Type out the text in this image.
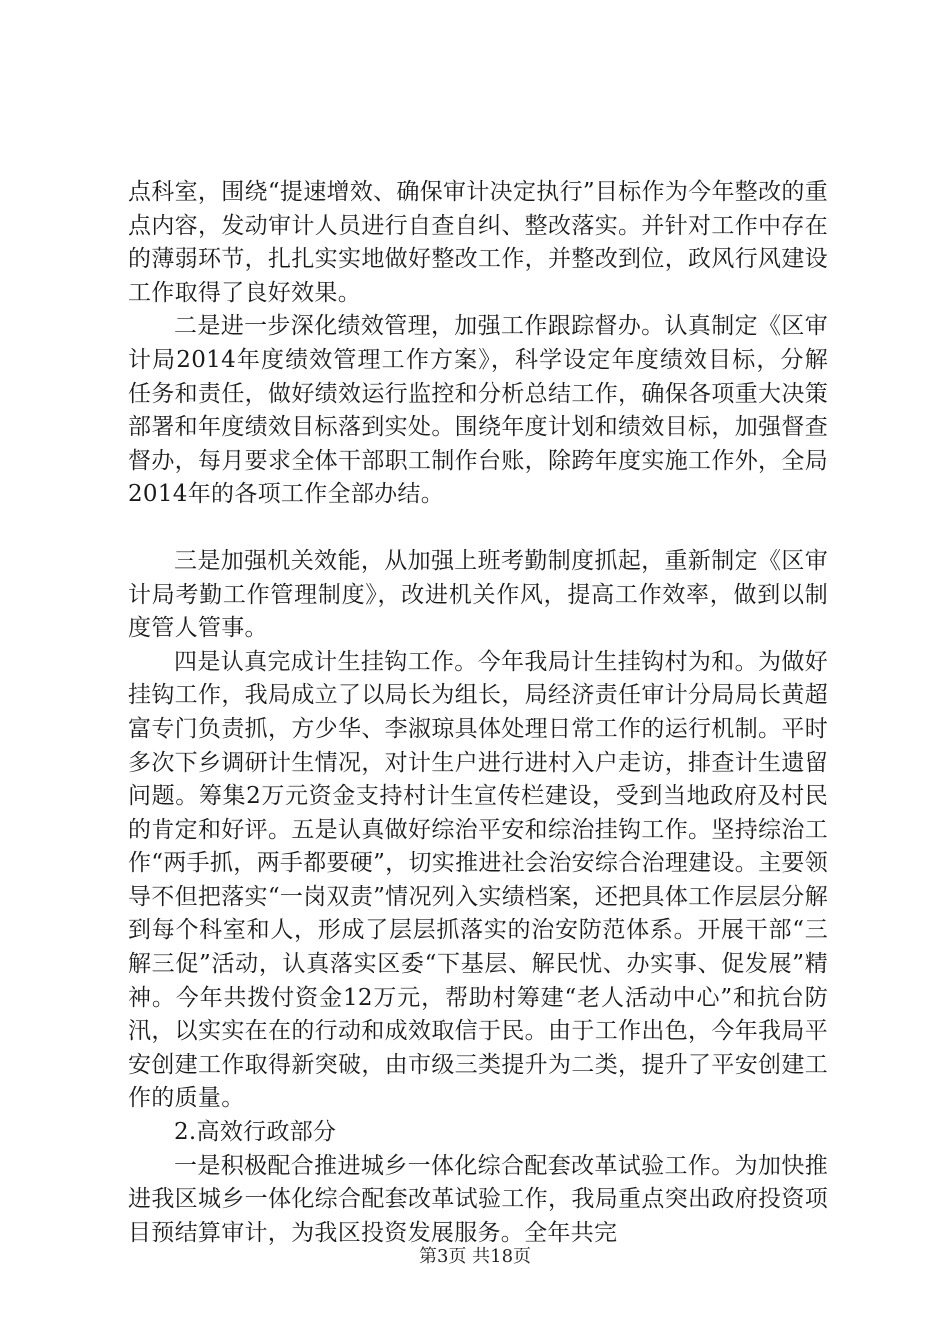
点科室，围绕“提速增效、确保审计决定执行”目标作为今年整改的重点内容，发动审计人员进行自查自纠、整改落实。并针对工作中存在的薄弱环节，扎扎实实地做好整改工作，并整改到位，政风行风建设工作取得了良好效果。

二是进一步深化绩效管理，加强工作跟踪督办。认真制定《区审计局2014年度绩效管理工作方案》，科学设定年度绩效目标，分解任务和责任，做好绩效运行监控和分析总结工作，确保各项重大决策部署和年度绩效目标落到实处。围绕年度计划和绩效目标，加强督查督办，每月要求全体干部职工制作台账，除跨年度实施工作外，全局2014年的各项工作全部办结。

三是加强机关效能，从加强上班考勤制度抓起，重新制定《区审计局考勤工作管理制度》，改进机关作风，提高工作效率，做到以制度管人管事。

四是认真完成计生挂钩工作。今年我局计生挂钩村为和。为做好挂钩工作，我局成立了以局长为组长，局经济责任审计分局局长黄超富专门负责抓，方少华、李淑琼具体处理日常工作的运行机制。平时多次下乡调研计生情况，对计生户进行进村入户走访，排查计生遗留问题。筹集2万元资金支持村计生宣传栏建设，受到当地政府及村民的肯定和好评。五是认真做好综治平安和综治挂钩工作。坚持综治工作“两手抓，两手都要硬”，切实推进社会治安综合治理建设。主要领导不但把落实“一岗双责”情况列入实绩档案，还把具体工作层层分解到每个科室和人，形成了层层抓落实的治安防范体系。开展干部“三解三促”活动，认真落实区委“下基层、解民忧、办实事、促发展”精神。今年共拨付资金12万元，帮助村筹建“老人活动中心”和抗台防汛，以实实在在的行动和成效取信于民。由于工作出色，今年我局平安创建工作取得新突破，由市级三类提升为二类，提升了平安创建工作的质量。

2.高效行政部分

一是积极配合推进城乡一体化综合配套改革试验工作。为加快推进我区城乡一体化综合配套改革试验工作，我局重点突出政府投资项目预结算审计，为我区投资发展服务。全年共完

第3页 共18页
